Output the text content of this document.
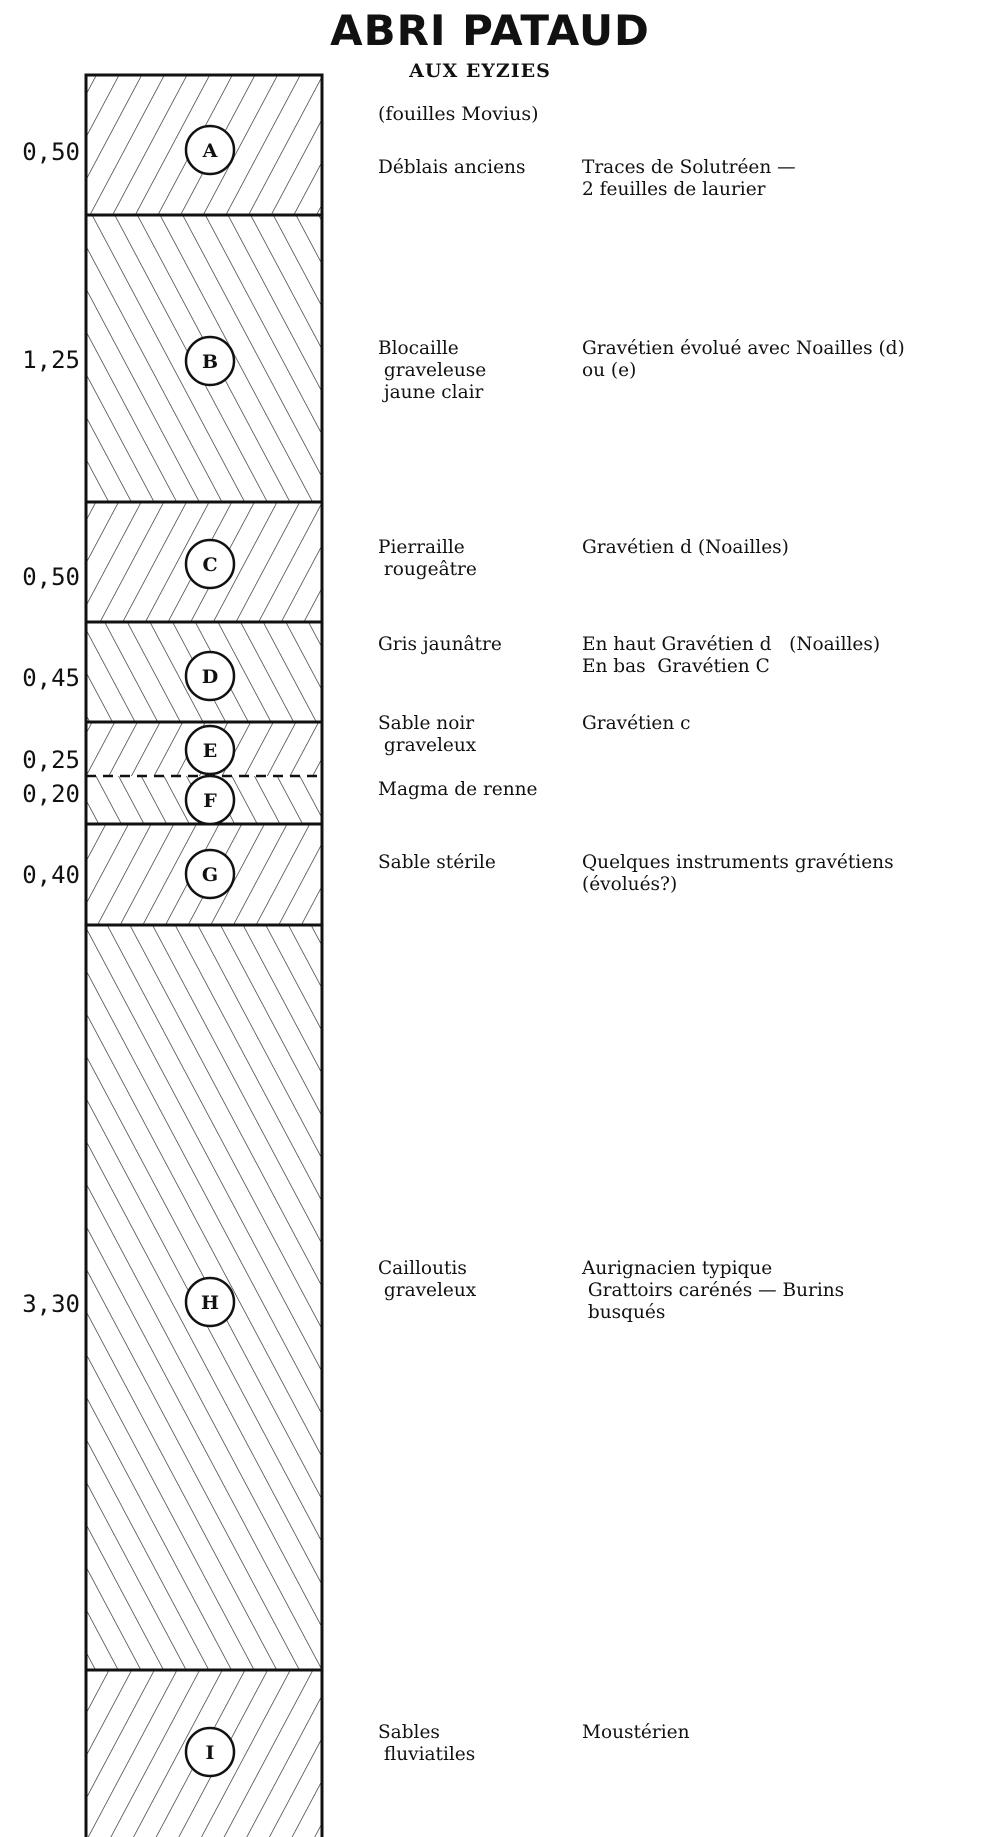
A
B
C
D
E
F
G
H
I
ABRI PATAUD
AUX EYZIES
(fouilles Movius)
0,50
1,25
0,50
0,45
0,25
0,20
0,40
3,30
Déblais anciens
Blocaille
graveleuse
jaune clair
Pierraille
rougeâtre
Gris jaunâtre
Sable noir
graveleux
Magma de renne
Sable stérile
Cailloutis
graveleux
Sables
fluviatiles
Traces de Solutréen —
2 feuilles de laurier
Gravétien évolué avec Noailles (d)
ou (e)
Gravétien d (Noailles)
En haut Gravétien d   (Noailles)
En bas  Gravétien C
Gravétien c
Quelques instruments gravétiens
(évolués?)
Aurignacien typique
Grattoirs carénés — Burins
busqués
Moustérien
